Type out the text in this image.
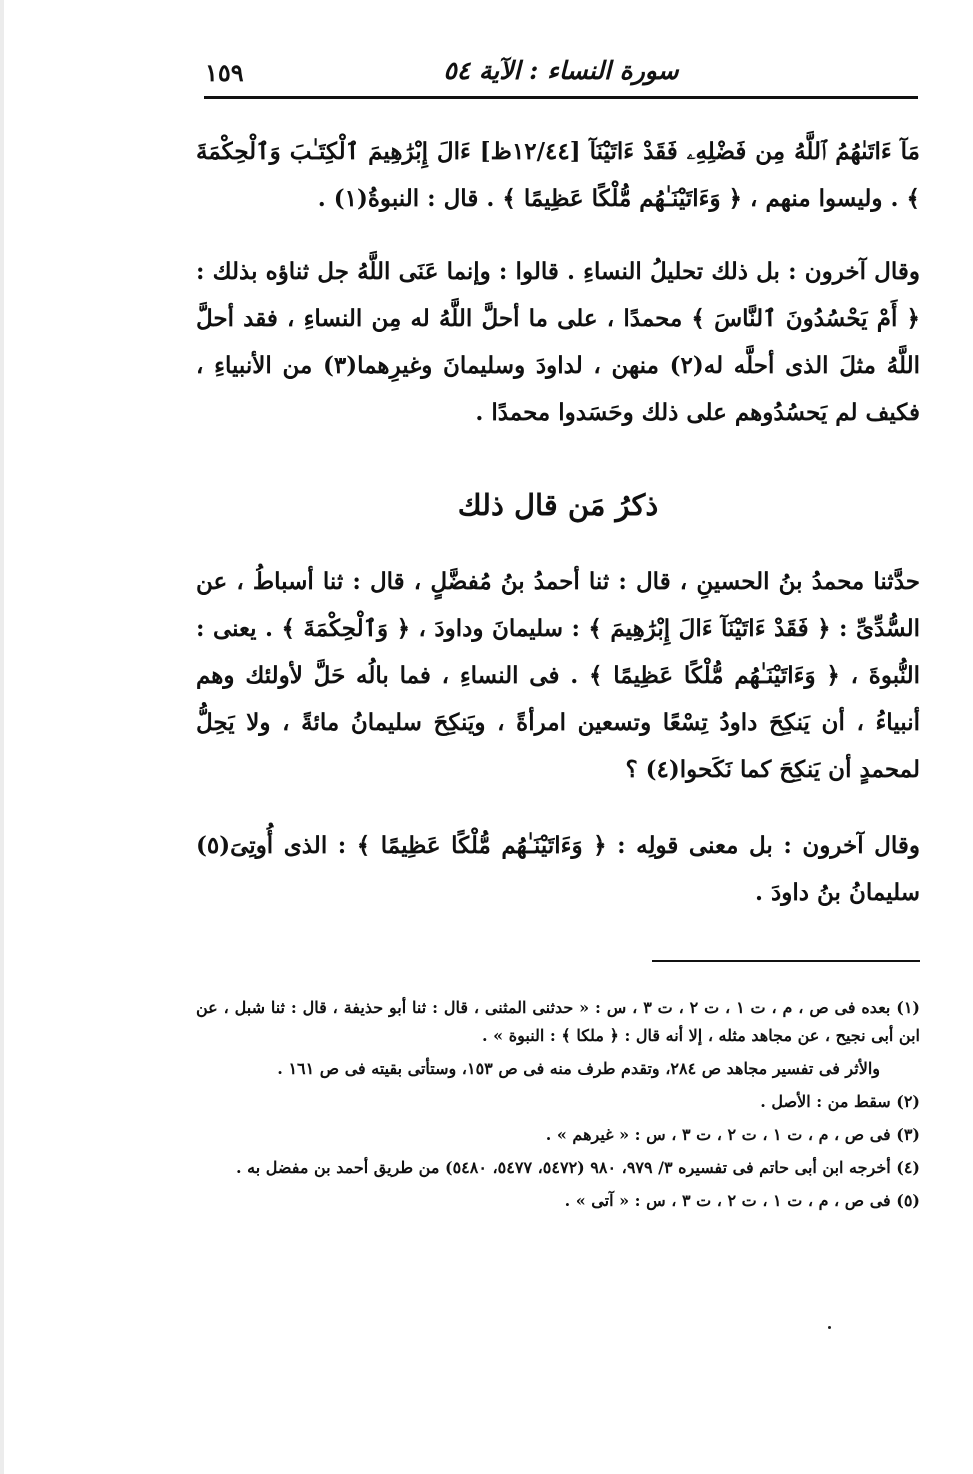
١٥٩	سورة النساء : الآية ٥٤

مَآ ءَاتَىٰهُمُ ٱللَّهُ مِن فَضْلِهِۦ فَقَدْ ءَاتَيْنَآ [١٢/٤٤ظ] ءَالَ إِبْرَٰهِيمَ ٱلْكِتَـٰبَ وَٱلْحِكْمَةَ ﴾ . وليسوا منهم ، ﴿ وَءَاتَيْنَـٰهُم مُّلْكًا عَظِيمًا ﴾ . قال : النبوةُ(١) .

وقال آخرون : بل ذلك تحليلُ النساءِ . قالوا : وإنما عَنَى اللَّهُ جل ثناؤه بذلك : ﴿ أَمْ يَحْسُدُونَ ٱلنَّاسَ ﴾ محمدًا ، على ما أحلَّ اللَّهُ له مِن النساءِ ، فقد أحلَّ اللَّهُ مثلَ الذى أحلَّه له(٢) منهن ، لداودَ وسليمانَ وغيرِهما(٣) من الأنبياءِ ، فكيف لم يَحسُدُوهم على ذلك وحَسَدوا محمدًا .

ذكرُ مَن قال ذلك

حدَّثنا محمدُ بنُ الحسينِ ، قال : ثنا أحمدُ بنُ مُفضَّلٍ ، قال : ثنا أسباطُ ، عن السُّدِّىِّ : ﴿ فَقَدْ ءَاتَيْنَآ ءَالَ إِبْرَٰهِيمَ ﴾ : سليمانَ وداودَ ، ﴿ وَٱلْحِكْمَةَ ﴾ . يعنى : النُّبوةَ ، ﴿ وَءَاتَيْنَـٰهُم مُّلْكًا عَظِيمًا ﴾ . فى النساءِ ، فما بالُه حَلَّ لأولئك وهم أنبياءُ ، أن يَنكِحَ داودُ تِسْعًا وتسعين امرأةً ، ويَنكِحَ سليمانُ مائةً ، ولا يَحِلُّ لمحمدٍ أن يَنكِحَ كما نَكَحوا(٤) ؟

وقال آخرون : بل معنى قولِه : ﴿ وَءَاتَيْنَـٰهُم مُّلْكًا عَظِيمًا ﴾ : الذى أُوتِىَ(٥) سليمانُ بنُ داودَ .

(١) بعده فى ص ، م ، ت ١ ، ت ٢ ، ت ٣ ، س : « حدثنى المثنى ، قال : ثنا أبو حذيفة ، قال : ثنا شبل ، عن ابن أبى نجيح ، عن مجاهد مثله ، إلا أنه قال : ﴿ ملكا ﴾ : النبوة » .

والأثر فى تفسير مجاهد ص ٢٨٤، وتقدم طرف منه فى ص ١٥٣، وستأتى بقيته فى ص ١٦١ .

(٢) سقط من : الأصل .

(٣) فى ص ، م ، ت ١ ، ت ٢ ، ت ٣ ، س : « غيرهم » .

(٤) أخرجه ابن أبى حاتم فى تفسيره ٣/ ٩٧٩، ٩٨٠ (٥٤٧٢، ٥٤٧٧، ٥٤٨٠) من طريق أحمد بن مفضل به .

(٥) فى ص ، م ، ت ١ ، ت ٢ ، ت ٣ ، س : « آتى » .
